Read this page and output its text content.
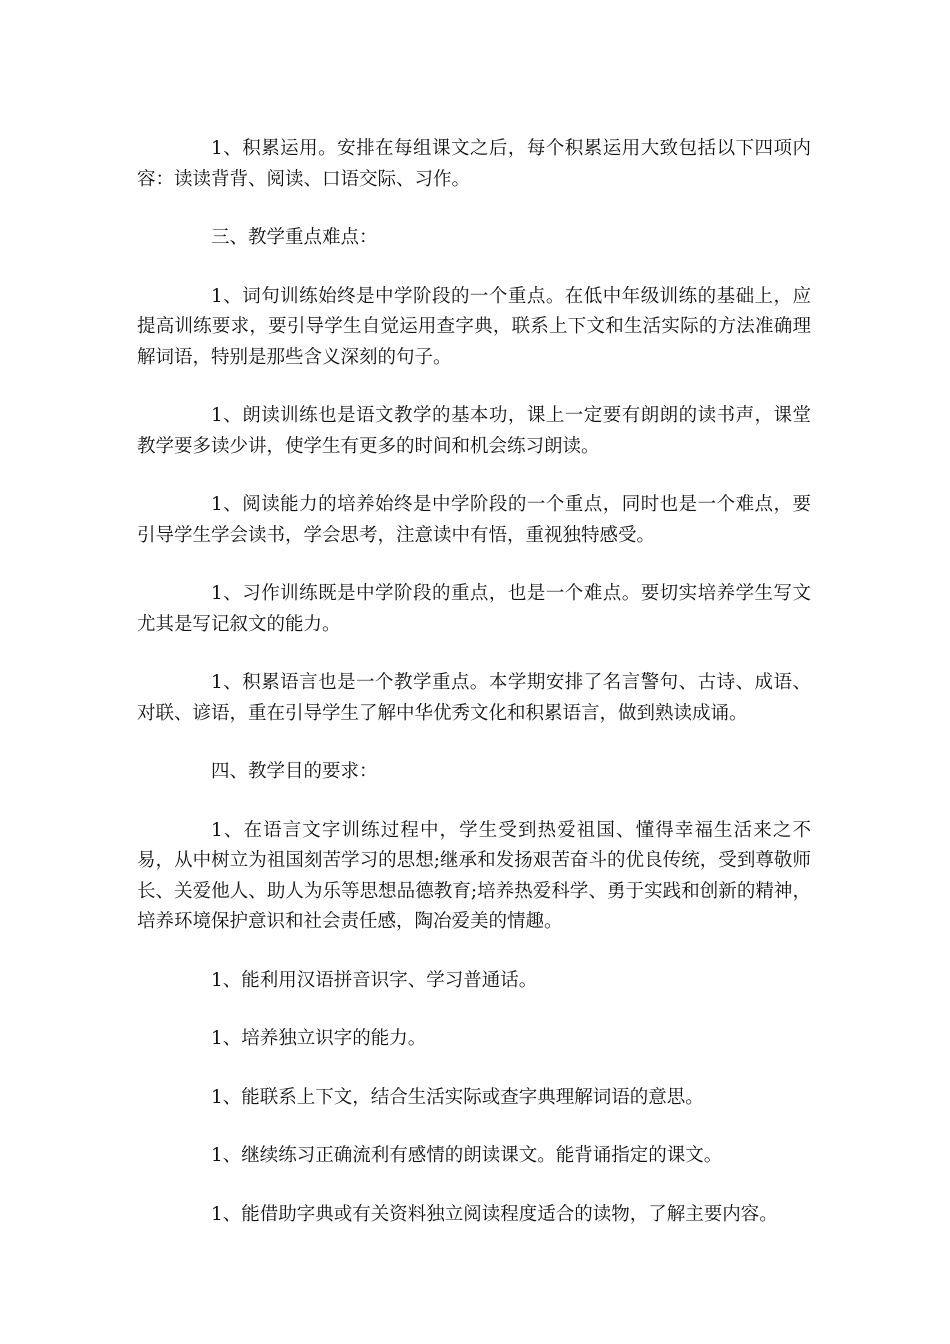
1、积累运用。安排在每组课文之后，每个积累运用大致包括以下四项内容：读读背背、阅读、口语交际、习作。

三、教学重点难点：

1、词句训练始终是中学阶段的一个重点。在低中年级训练的基础上，应提高训练要求，要引导学生自觉运用查字典，联系上下文和生活实际的方法准确理解词语，特别是那些含义深刻的句子。

1、朗读训练也是语文教学的基本功，课上一定要有朗朗的读书声，课堂教学要多读少讲，使学生有更多的时间和机会练习朗读。

1、阅读能力的培养始终是中学阶段的一个重点，同时也是一个难点，要引导学生学会读书，学会思考，注意读中有悟，重视独特感受。

1、习作训练既是中学阶段的重点，也是一个难点。要切实培养学生写文尤其是写记叙文的能力。

1、积累语言也是一个教学重点。本学期安排了名言警句、古诗、成语、对联、谚语，重在引导学生了解中华优秀文化和积累语言，做到熟读成诵。

四、教学目的要求：

1、在语言文字训练过程中，学生受到热爱祖国、懂得幸福生活来之不易，从中树立为祖国刻苦学习的思想;继承和发扬艰苦奋斗的优良传统，受到尊敬师长、关爱他人、助人为乐等思想品德教育;培养热爱科学、勇于实践和创新的精神，培养环境保护意识和社会责任感，陶冶爱美的情趣。

1、能利用汉语拼音识字、学习普通话。

1、培养独立识字的能力。

1、能联系上下文，结合生活实际或查字典理解词语的意思。

1、继续练习正确流利有感情的朗读课文。能背诵指定的课文。

1、能借助字典或有关资料独立阅读程度适合的读物，了解主要内容。
